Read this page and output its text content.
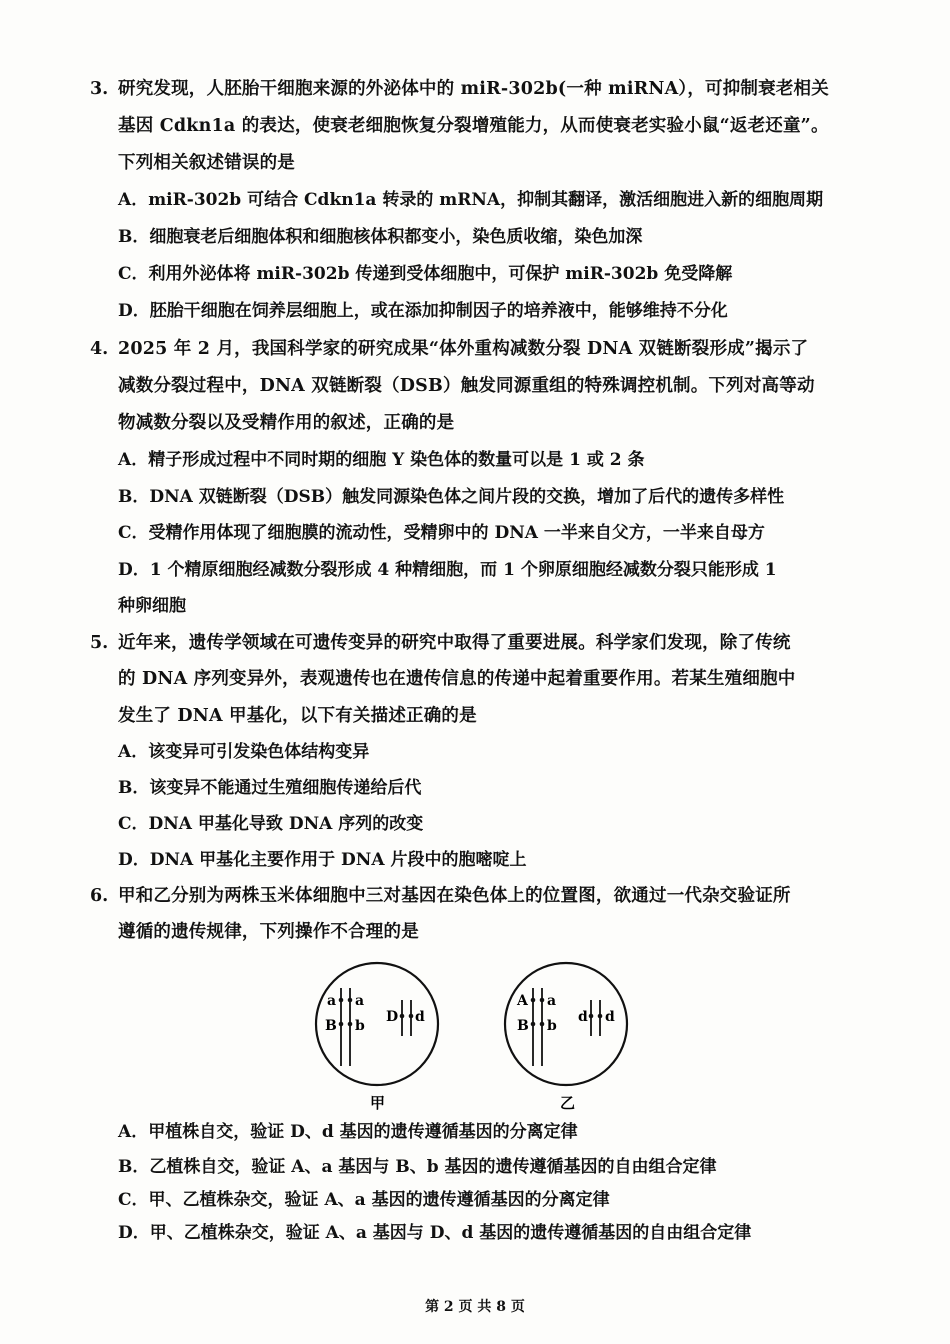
3. 研究发现，人胚胎干细胞来源的外泌体中的 miR-302b(一种 miRNA），可抑制衰老相关
基因 Cdkn1a 的表达，使衰老细胞恢复分裂增殖能力，从而使衰老实验小鼠“返老还童”。
下列相关叙述错误的是
A．miR-302b 可结合 Cdkn1a 转录的 mRNA，抑制其翻译，激活细胞进入新的细胞周期
B．细胞衰老后细胞体积和细胞核体积都变小，染色质收缩，染色加深
C．利用外泌体将 miR-302b 传递到受体细胞中，可保护 miR-302b 免受降解
D．胚胎干细胞在饲养层细胞上，或在添加抑制因子的培养液中，能够维持不分化
4. 2025 年 2 月，我国科学家的研究成果“体外重构减数分裂 DNA 双链断裂形成”揭示了
减数分裂过程中，DNA 双链断裂（DSB）触发同源重组的特殊调控机制。下列对高等动
物减数分裂以及受精作用的叙述，正确的是
A．精子形成过程中不同时期的细胞 Y 染色体的数量可以是 1 或 2 条
B．DNA 双链断裂（DSB）触发同源染色体之间片段的交换，增加了后代的遗传多样性
C．受精作用体现了细胞膜的流动性，受精卵中的 DNA 一半来自父方，一半来自母方
D．1 个精原细胞经减数分裂形成 4 种精细胞，而 1 个卵原细胞经减数分裂只能形成 1
种卵细胞
5. 近年来，遗传学领域在可遗传变异的研究中取得了重要进展。科学家们发现，除了传统
的 DNA 序列变异外，表观遗传也在遗传信息的传递中起着重要作用。若某生殖细胞中
发生了 DNA 甲基化，以下有关描述正确的是
A．该变异可引发染色体结构变异
B．该变异不能通过生殖细胞传递给后代
C．DNA 甲基化导致 DNA 序列的改变
D．DNA 甲基化主要作用于 DNA 片段中的胞嘧啶上
6. 甲和乙分别为两株玉米体细胞中三对基因在染色体上的位置图，欲通过一代杂交验证所
遵循的遗传规律，下列操作不合理的是
a
B
a
b
D d
甲
A
B
a
b
d d
乙
A．甲植株自交，验证 D、d 基因的遗传遵循基因的分离定律
B．乙植株自交，验证 A、a 基因与 B、b 基因的遗传遵循基因的自由组合定律
C．甲、乙植株杂交，验证 A、a 基因的遗传遵循基因的分离定律
D．甲、乙植株杂交，验证 A、a 基因与 D、d 基因的遗传遵循基因的自由组合定律
第 2 页 共 8 页
